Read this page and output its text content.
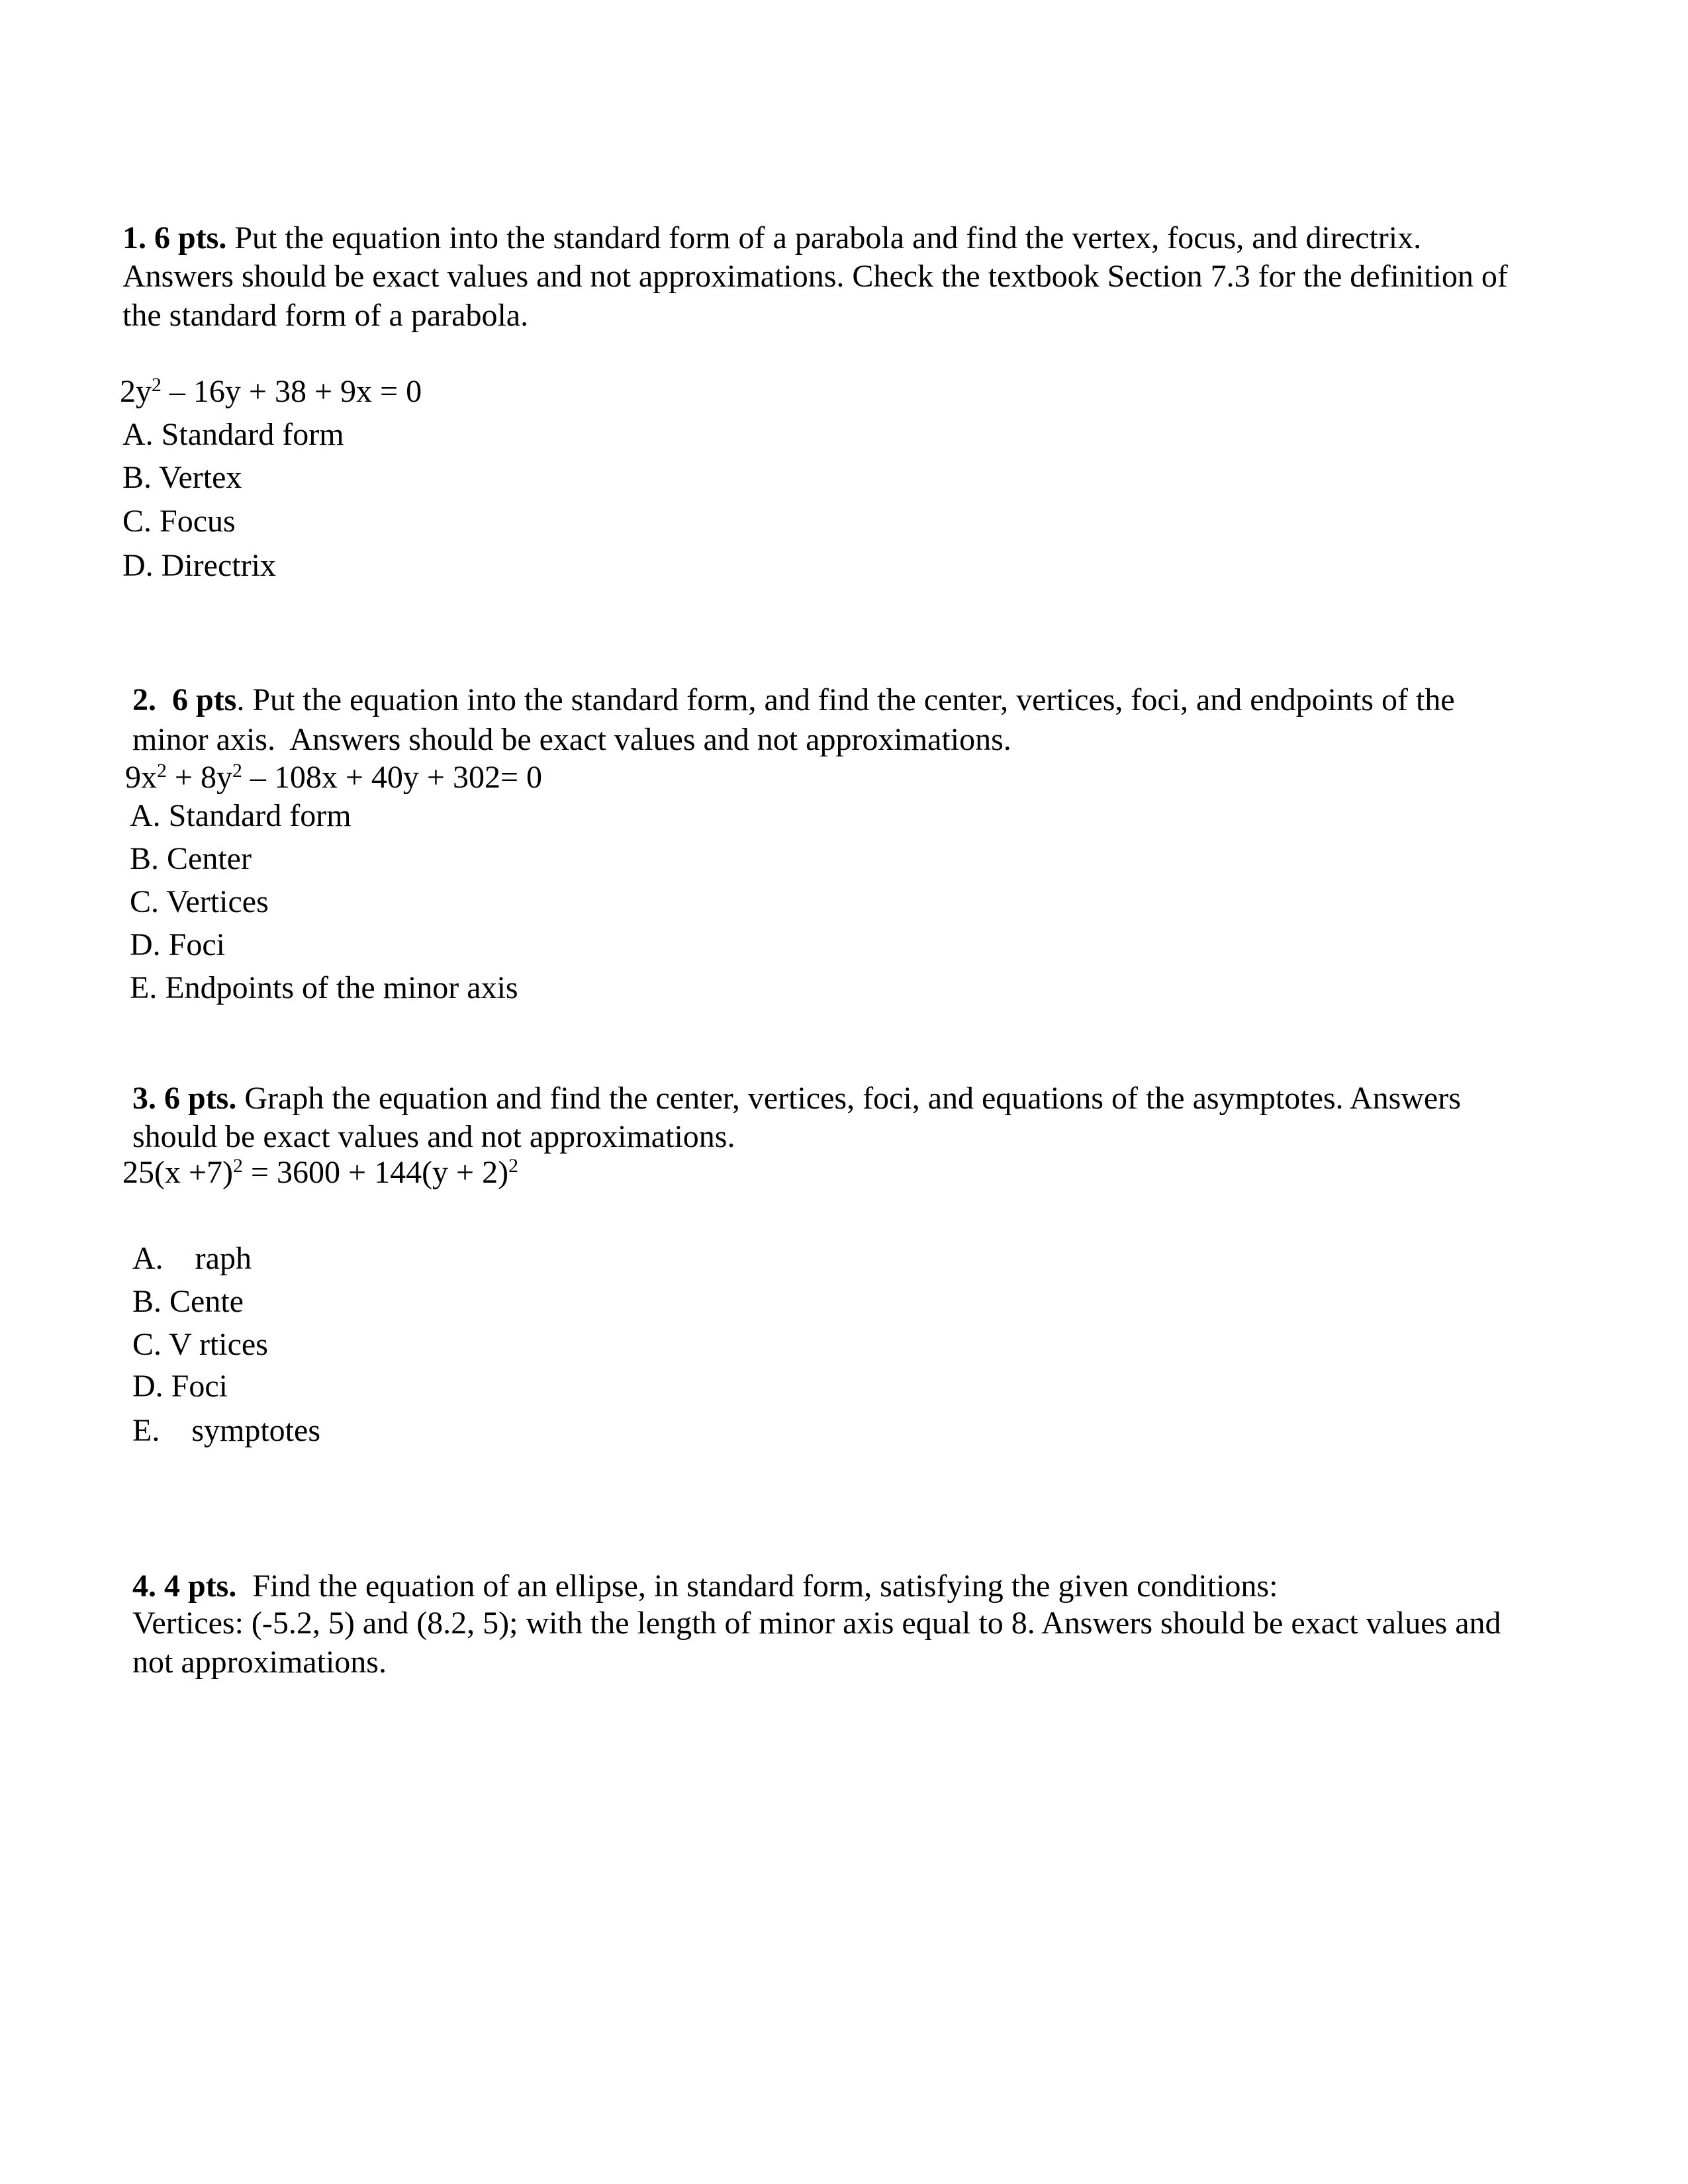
1. 6 pts. Put the equation into the standard form of a parabola and find the vertex, focus, and directrix.
Answers should be exact values and not approximations. Check the textbook Section 7.3 for the definition of
the standard form of a parabola.
$2y^2 - 16y + 38 + 9x = 0$
A. Standard form
B. Vertex
C. Focus
D. Directrix
2.  6 pts. Put the equation into the standard form, and find the center, vertices, foci, and endpoints of the
minor axis.  Answers should be exact values and not approximations.
$9x^2 + 8y^2 - 108x + 40y + 302= 0$
A. Standard form
B. Center
C. Vertices
D. Foci
E. Endpoints of the minor axis
3. 6 pts. Graph the equation and find the center, vertices, foci, and equations of the asymptotes. Answers
should be exact values and not approximations.
$25(x +7)^2 = 3600 + 144(y + 2)^2$
A.    raph
B. Cente
C. V rtices
D. Foci
E.    symptotes
4. 4 pts.  Find the equation of an ellipse, in standard form, satisfying the given conditions:
Vertices: (-5.2, 5) and (8.2, 5); with the length of minor axis equal to 8. Answers should be exact values and
not approximations.
